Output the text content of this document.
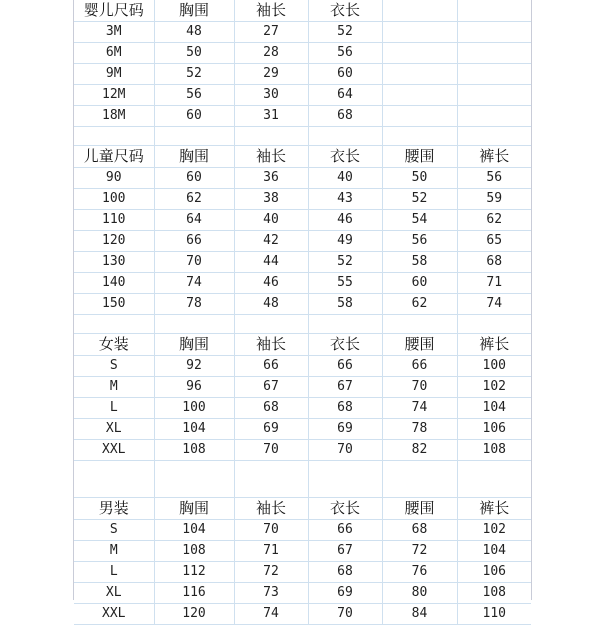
婴儿尺码	胸围	袖长	衣长		
3M	48	27	52		
6M	50	28	56		
9M	52	29	60		
12M	56	30	64		
18M	60	31	68		

儿童尺码	胸围	袖长	衣长	腰围	裤长
90	60	36	40	50	56
100	62	38	43	52	59
110	64	40	46	54	62
120	66	42	49	56	65
130	70	44	52	58	68
140	74	46	55	60	71
150	78	48	58	62	74

女装	胸围	袖长	衣长	腰围	裤长
S	92	66	66	66	100
M	96	67	67	70	102
L	100	68	68	74	104
XL	104	69	69	78	106
XXL	108	70	70	82	108

男装	胸围	袖长	衣长	腰围	裤长
S	104	70	66	68	102
M	108	71	67	72	104
L	112	72	68	76	106
XL	116	73	69	80	108
XXL	120	74	70	84	110
